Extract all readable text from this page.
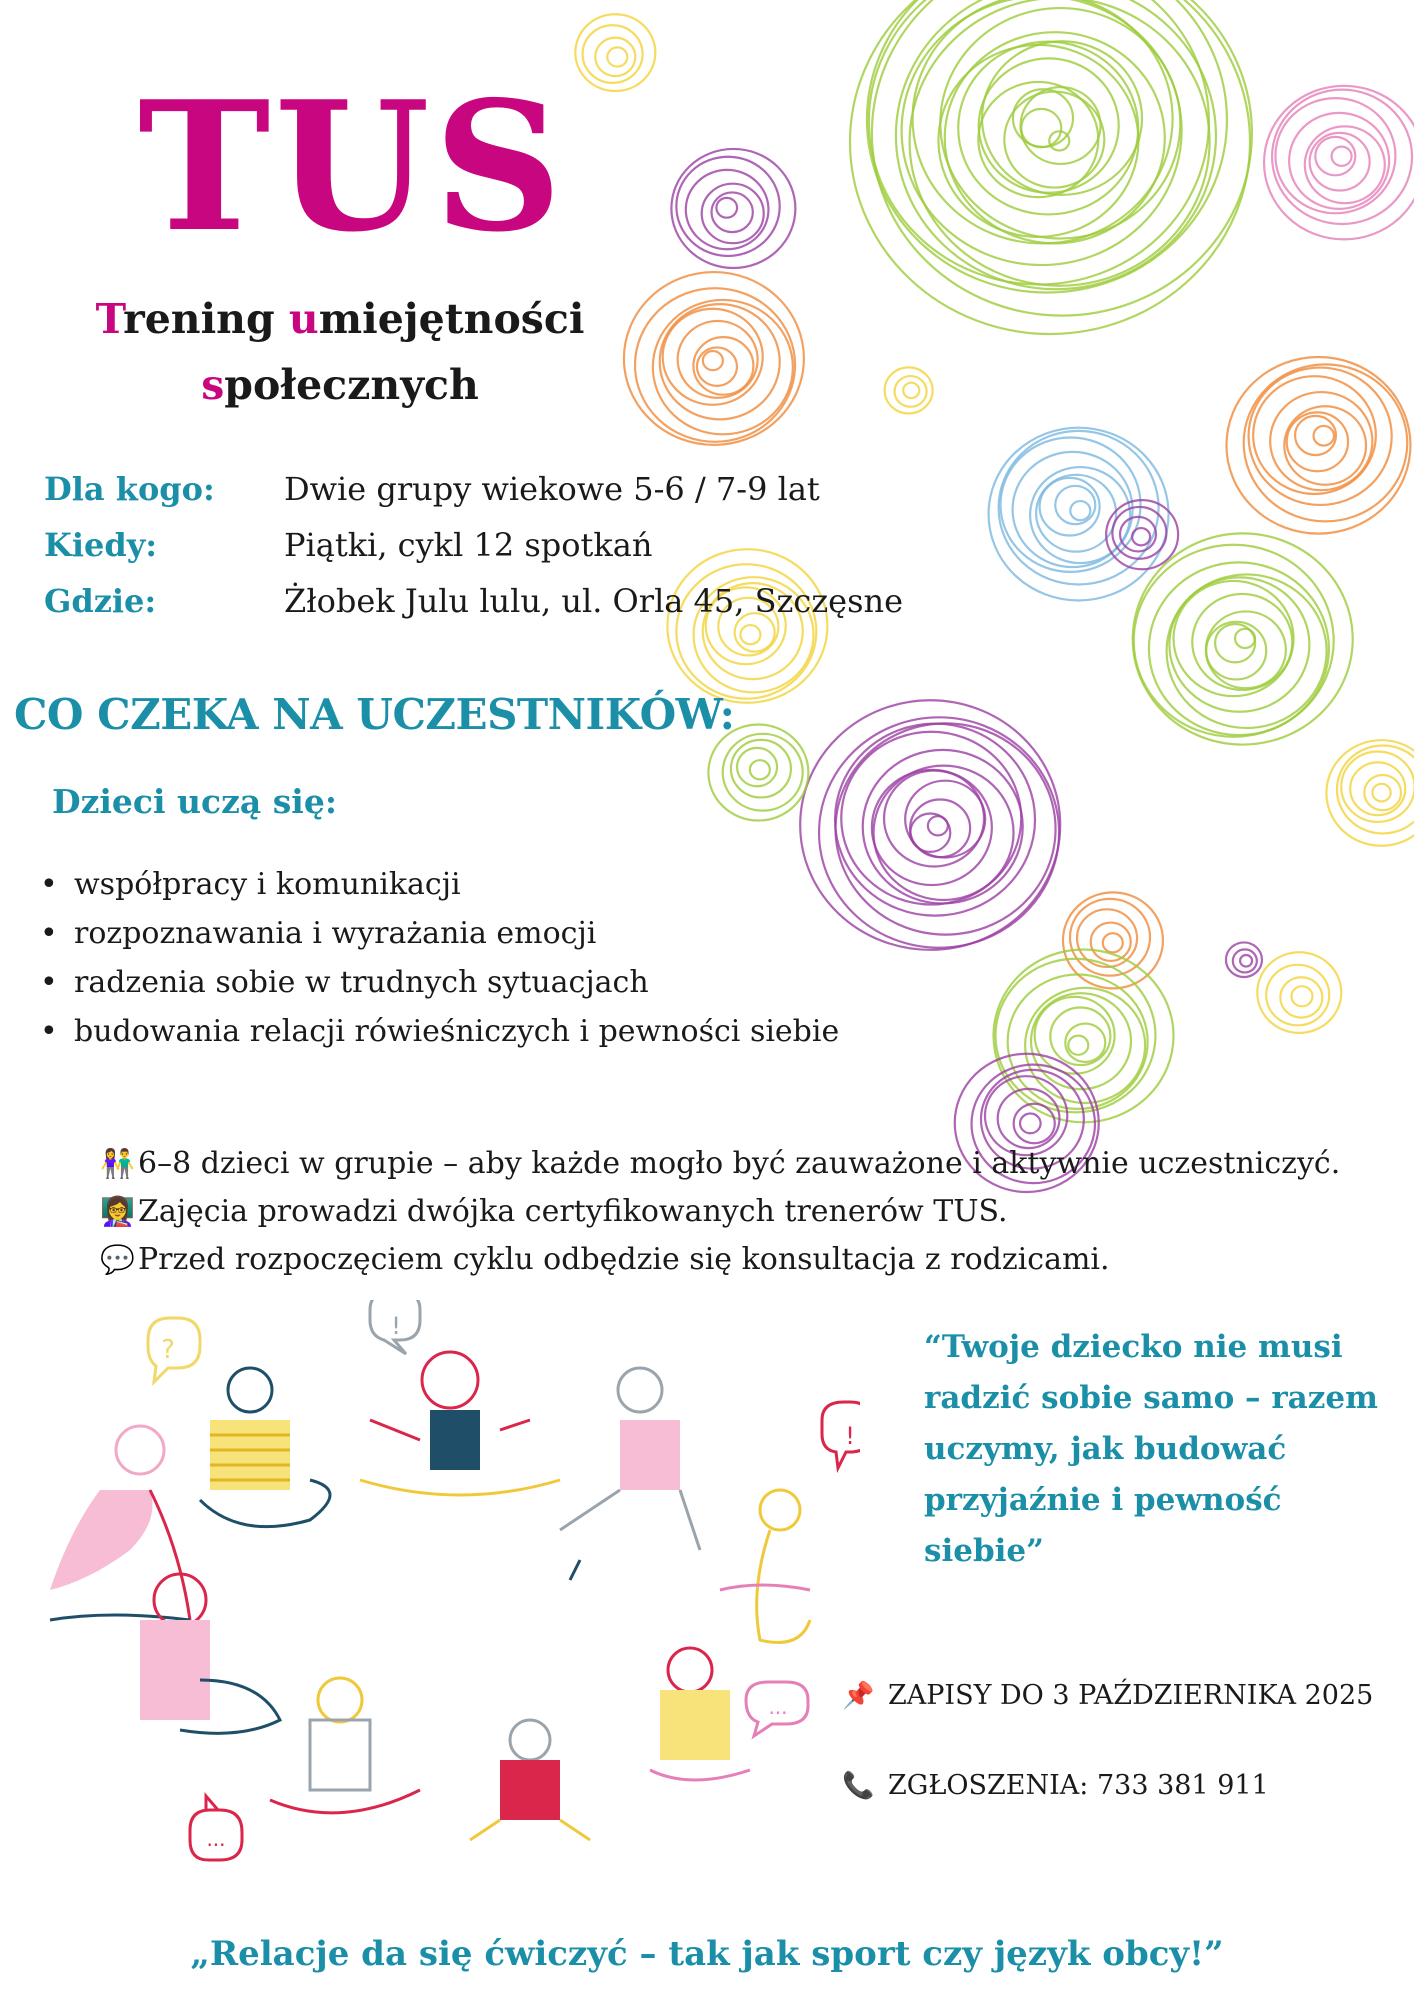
?
!
!
...
...
TUS
Trening umiejętności
społecznych
Dla kogo: Dwie grupy wiekowe 5-6 / 7-9 lat
Kiedy:	Piątki, cykl 12 spotkań
Gdzie:	Żłobek Julu lulu, ul. Orla 45, Szczęsne
CO CZEKA NA UCZESTNIKÓW:
Dzieci uczą się:
• współpracy i komunikacji
• rozpoznawania i wyrażania emocji
• radzenia sobie w trudnych sytuacjach
• budowania relacji rówieśniczych i pewności siebie
👫 6–8 dzieci w grupie – aby każde mogło być zauważone i aktywnie uczestniczyć.
👩‍🏫 Zajęcia prowadzi dwójka certyfikowanych trenerów TUS.
💬 Przed rozpoczęciem cyklu odbędzie się konsultacja z rodzicami.
“Twoje dziecko nie musi radzić sobie samo – razem uczymy, jak budować przyjaźnie i pewność siebie”
📌 ZAPISY DO 3 PAŹDZIERNIKA 2025
📞 ZGŁOSZENIA: 733 381 911
„Relacje da się ćwiczyć – tak jak sport czy język obcy!”
